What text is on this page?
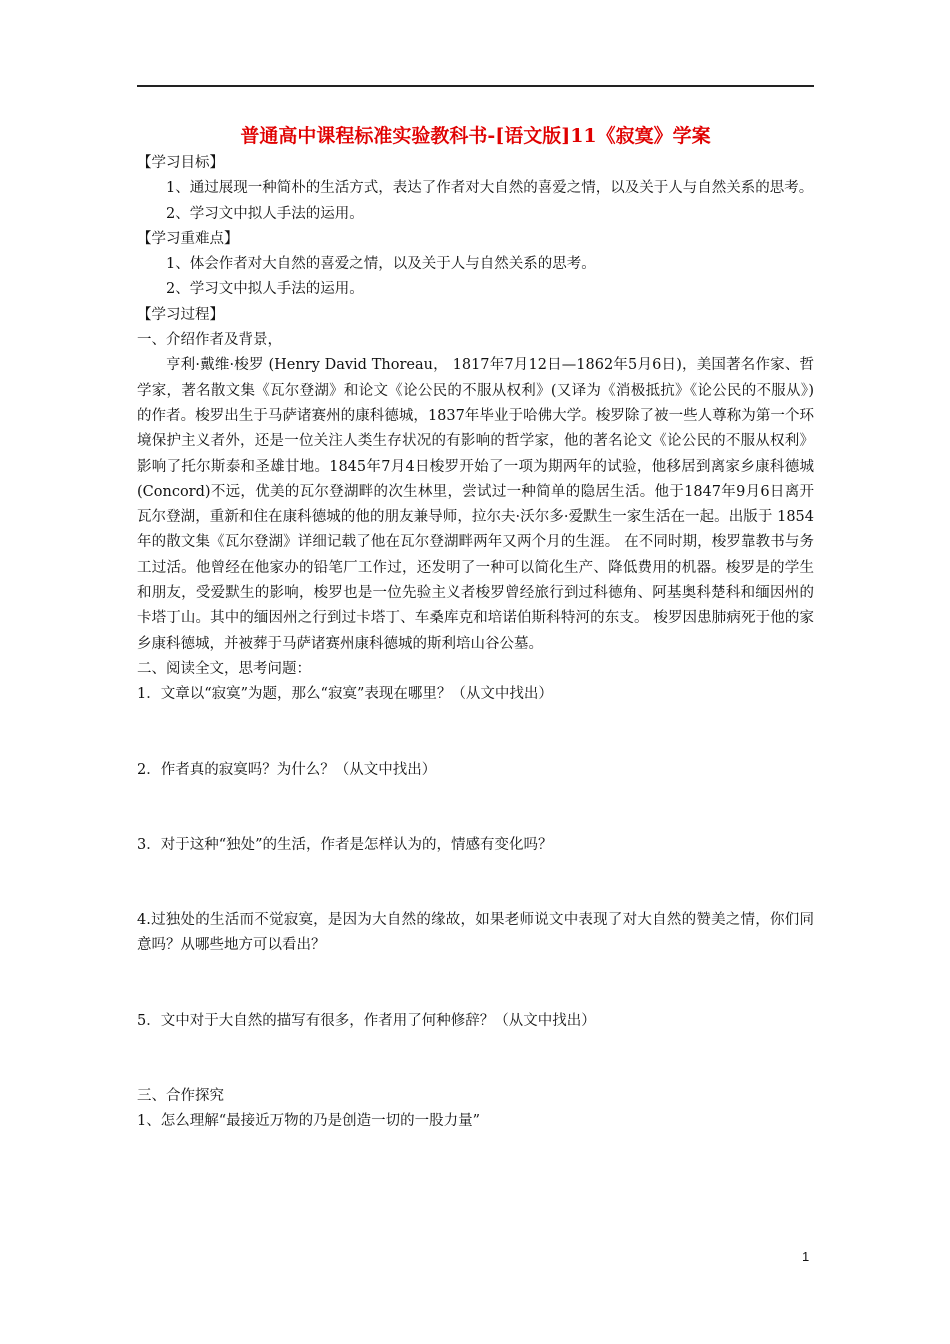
普通高中课程标准实验教科书-[语文版]11《寂寞》学案

【学习目标】

1、通过展现一种简朴的生活方式，表达了作者对大自然的喜爱之情，以及关于人与自然关系的思考。

2、学习文中拟人手法的运用。

【学习重难点】

1、体会作者对大自然的喜爱之情，以及关于人与自然关系的思考。

2、学习文中拟人手法的运用。

【学习过程】

一、介绍作者及背景，

亨利·戴维·梭罗 (Henry David Thoreau， 1817年7月12日—1862年5月6日)，美国著名作家、哲学家，著名散文集《瓦尔登湖》和论文《论公民的不服从权利》(又译为《消极抵抗》《论公民的不服从》)的作者。梭罗出生于马萨诸赛州的康科德城，1837年毕业于哈佛大学。梭罗除了被一些人尊称为第一个环境保护主义者外，还是一位关注人类生存状况的有影响的哲学家，他的著名论文《论公民的不服从权利》影响了托尔斯泰和圣雄甘地。1845年7月4日梭罗开始了一项为期两年的试验，他移居到离家乡康科德城(Concord)不远，优美的瓦尔登湖畔的次生林里，尝试过一种简单的隐居生活。他于1847年9月6日离开瓦尔登湖，重新和住在康科德城的他的朋友兼导师，拉尔夫·沃尔多·爱默生一家生活在一起。出版于 1854年的散文集《瓦尔登湖》详细记载了他在瓦尔登湖畔两年又两个月的生涯。 在不同时期，梭罗靠教书与务工过活。他曾经在他家办的铅笔厂工作过，还发明了一种可以简化生产、降低费用的机器。梭罗是的学生和朋友，受爱默生的影响，梭罗也是一位先验主义者梭罗曾经旅行到过科德角、阿基奥科楚科和缅因州的卡塔丁山。其中的缅因州之行到过卡塔丁、车桑库克和培诺伯斯科特河的东支。 梭罗因患肺病死于他的家乡康科德城，并被葬于马萨诸赛州康科德城的斯利培山谷公墓。

二、阅读全文，思考问题：

1．文章以“寂寞”为题，那么“寂寞”表现在哪里？（从文中找出）

2．作者真的寂寞吗？为什么？（从文中找出）

3．对于这种“独处”的生活，作者是怎样认为的，情感有变化吗？

4.过独处的生活而不觉寂寞，是因为大自然的缘故，如果老师说文中表现了对大自然的赞美之情，你们同意吗？从哪些地方可以看出？

5．文中对于大自然的描写有很多，作者用了何种修辞？（从文中找出）

三、合作探究

1、怎么理解“最接近万物的乃是创造一切的一股力量”

1
